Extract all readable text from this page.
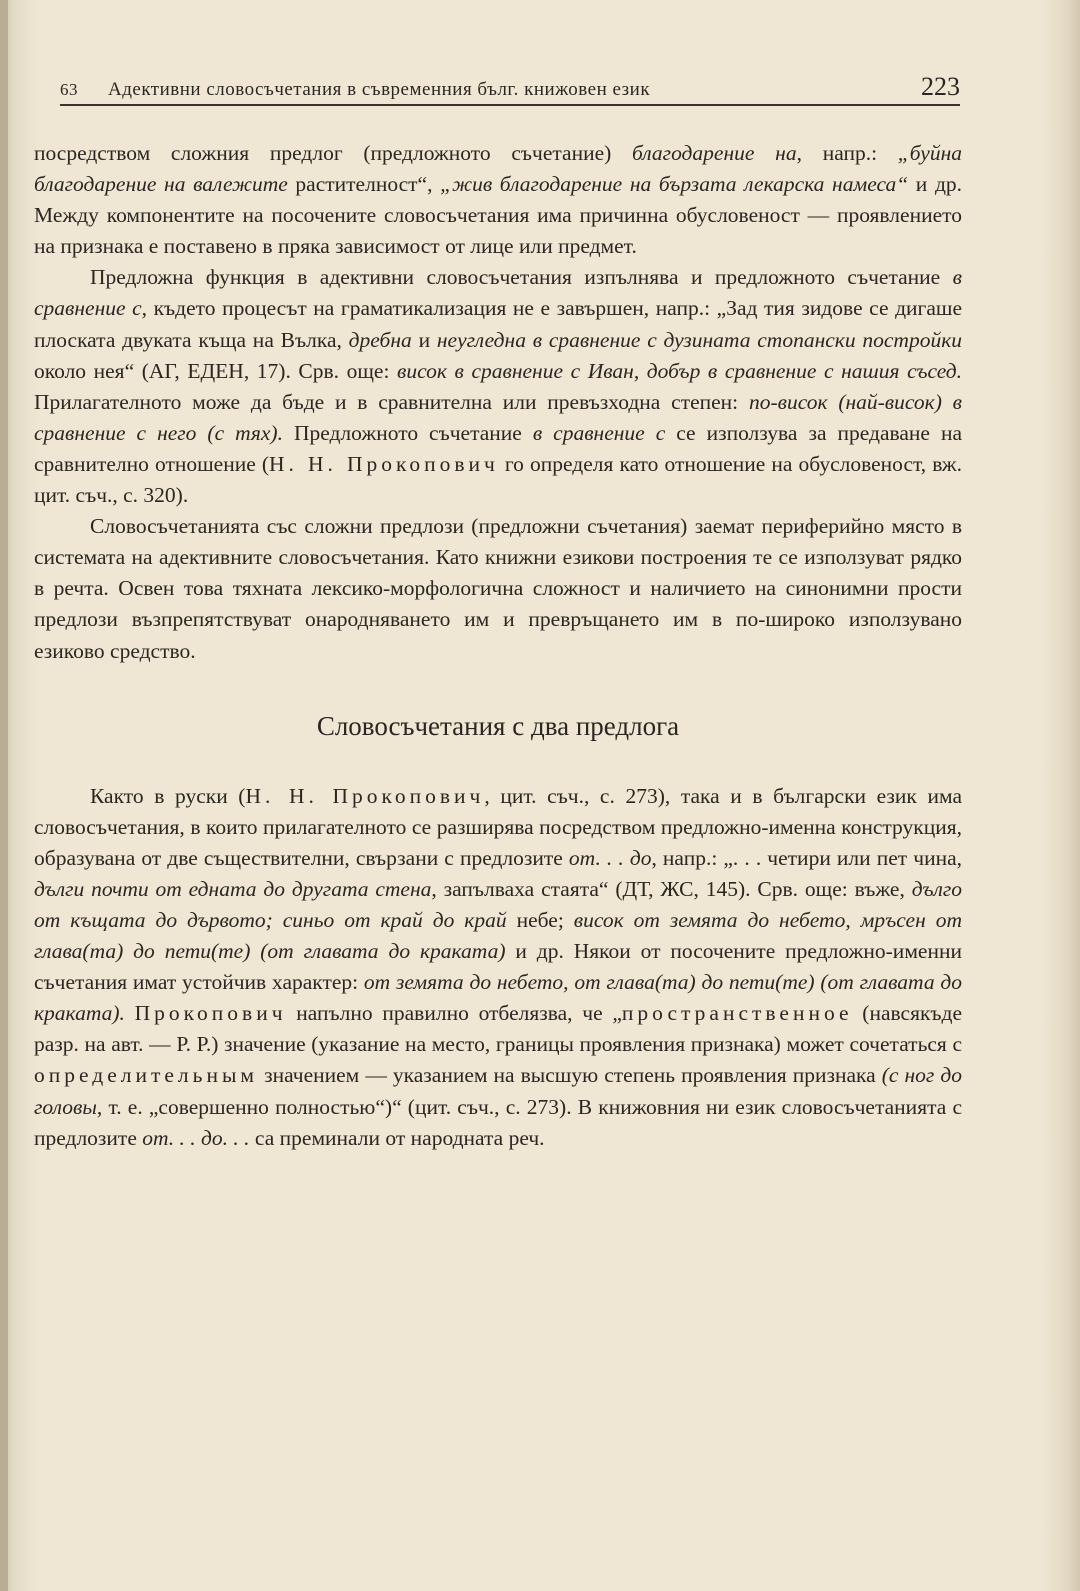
63	Адективни словосъчетания в съвременния бълг. книжовен език	223

посредством сложния предлог (предложното съчетание) благодарение на, напр.: „буйна благодарение на валежите растителност“, „жив благодарение на бързата лекарска намеса“ и др. Между компонентите на посочените словосъчетания има причинна обусловеност — проявлението на признака е поставено в пряка зависимост от лице или предмет.

Предложна функция в адективни словосъчетания изпълнява и предложното съчетание в сравнение с, където процесът на граматикализация не е завършен, напр.: „Зад тия зидове се дигаше плоската двуката къща на Вълка, дребна и неугледна в сравнение с дузината стопански постройки около нея“ (АГ, ЕДЕН, 17). Срв. още: висок в сравнение с Иван, добър в сравнение с нашия съсед. Прилагателното може да бъде и в сравнителна или превъзходна степен: по-висок (най-висок) в сравнение с него (с тях). Предложното съчетание в сравнение с се използува за предаване на сравнително отношение (Н. Н. Прокопович го определя като отношение на обусловеност, вж. цит. съч., с. 320).

Словосъчетанията със сложни предлози (предложни съчетания) заемат периферийно място в системата на адективните словосъчетания. Като книжни езикови построения те се използуват рядко в речта. Освен това тяхната лексико-морфологична сложност и наличието на синонимни прости предлози възпрепятствуват онародняването им и превръщането им в по-широко използувано езиково средство.

Словосъчетания с два предлога

Както в руски (Н. Н. Прокопович, цит. съч., с. 273), така и в български език има словосъчетания, в които прилагателното се разширява посредством предложно-именна конструкция, образувана от две съществителни, свързани с предлозите от. . . до, напр.: „. . . четири или пет чина, дълги почти от едната до другата стена, запълваха стаята“ (ДТ, ЖС, 145). Срв. още: въже, дълго от къщата до дървото; синьо от край до край небе; висок от земята до небето, мръсен от глава(та) до пети(те) (от главата до краката) и др. Някои от посочените предложно-именни съчетания имат устойчив характер: от земята до небето, от глава(та) до пети(те) (от главата до краката). Прокопович напълно правилно отбелязва, че „пространственное (навсякъде разр. на авт. — Р. Р.) значение (указание на место, границы проявления признака) может сочетаться с определительным значением — указанием на высшую степень проявления признака (с ног до головы, т. е. „совершенно полностью“)“ (цит. съч., с. 273). В книжовния ни език словосъчетанията с предлозите от. . . до. . . са преминали от народната реч.
